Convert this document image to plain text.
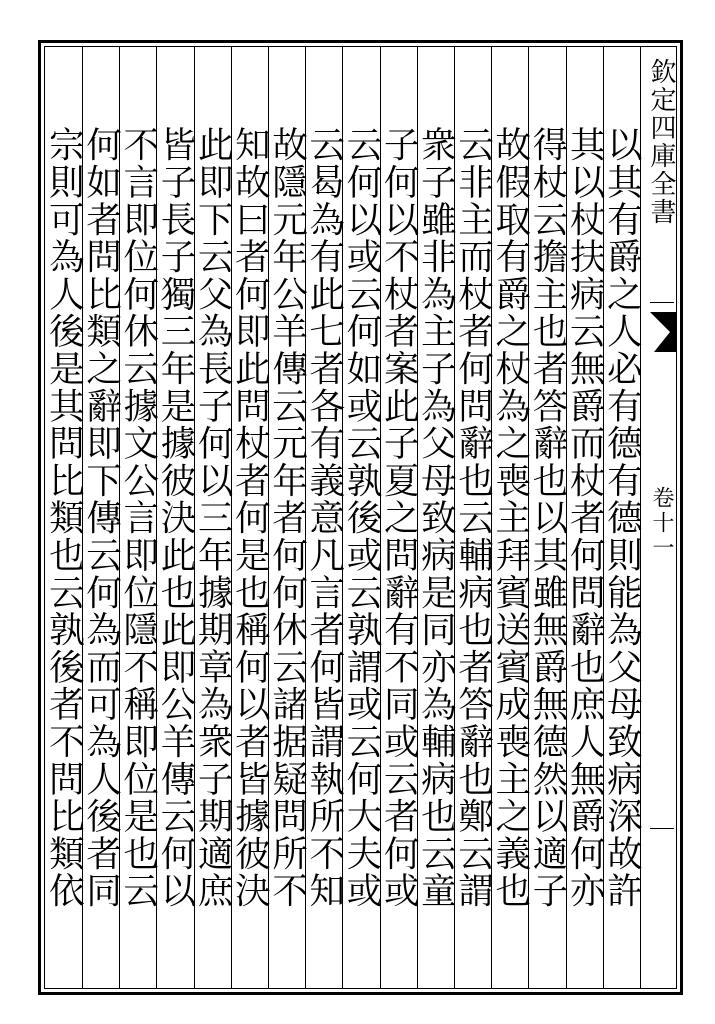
欽定四庫全書
卷十一
以其有爵之人必有德有德則能為父母致病深故許
其以杖扶病云無爵而杖者何問辭也庶人無爵何亦
得杖云擔主也者答辭也以其雖無爵無德然以適子
故假取有爵之杖為之喪主拜賓送賓成喪主之義也
云非主而杖者何問辭也云輔病也者答辭也鄭云謂
衆子雖非為主子為父母致病是同亦為輔病也云童
子何以不杖者案此子夏之問辭有不同或云者何或
云何以或云何如或云孰後或云孰謂或云何大夫或
云曷為有此七者各有義意凡言者何皆謂執所不知
故隱元年公羊傳云元年者何何休云諸据疑問所不
知故曰者何即此問杖者何是也稱何以者皆據彼決
此即下云父為長子何以三年據期章為衆子期適庶
皆子長子獨三年是據彼決此也此即公羊傳云何以
不言即位何休云據文公言即位隱不稱即位是也云
何如者問比類之辭即下傳云何為而可為人後者同
宗則可為人後是其問比類也云孰後者不問比類依
